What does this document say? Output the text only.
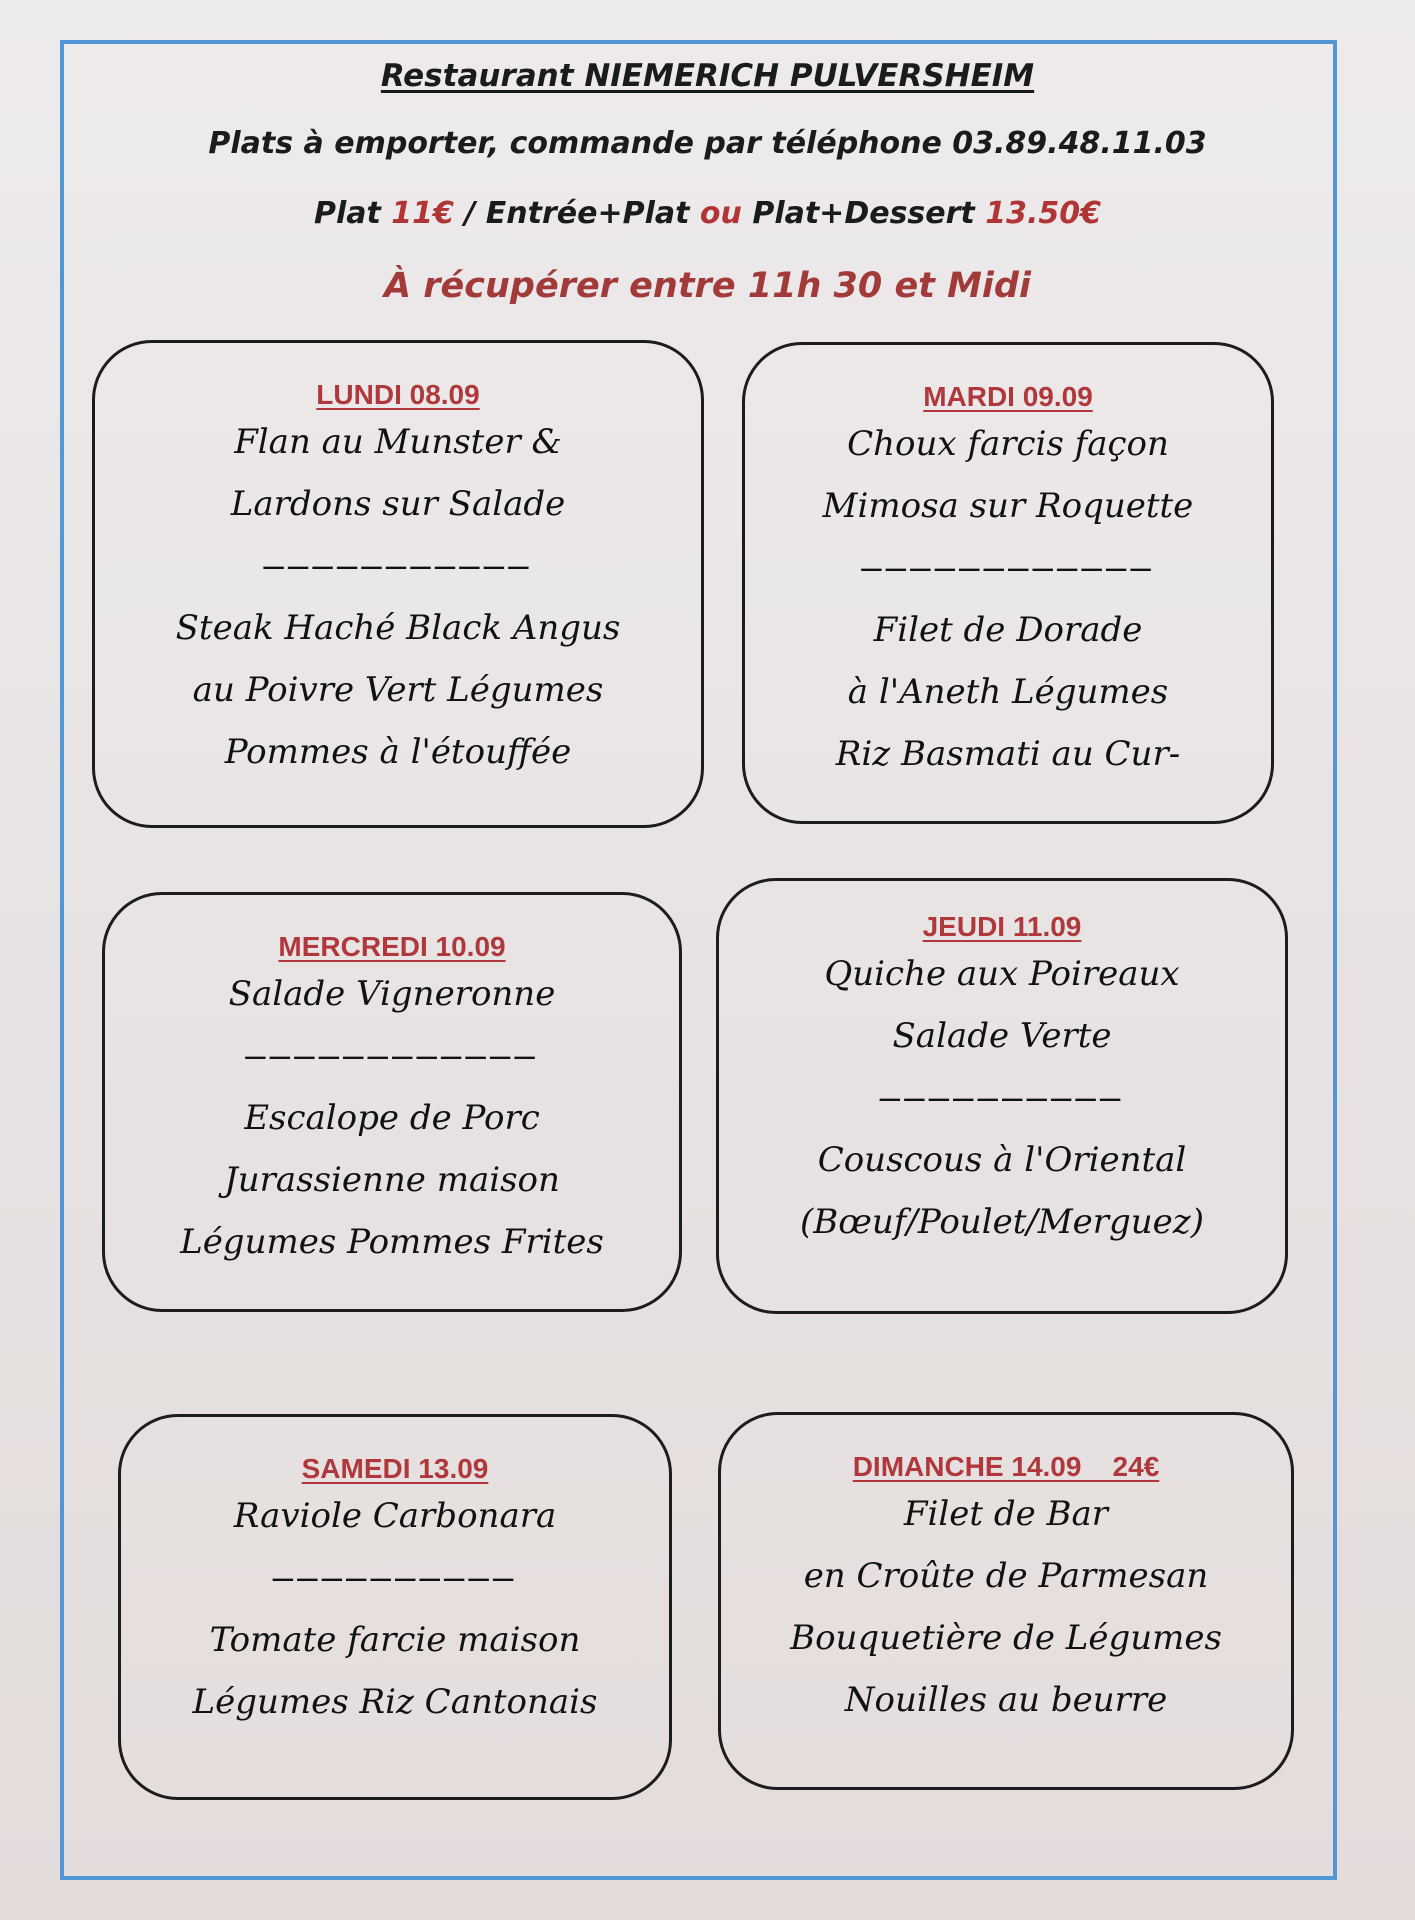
Restaurant NIEMERICH PULVERSHEIM
Plats à emporter, commande par téléphone 03.89.48.11.03
Plat 11€ / Entrée+Plat ou Plat+Dessert 13.50€
À récupérer entre 11h 30 et Midi
LUNDI 08.09
Flan au Munster &
Lardons sur Salade
———————————
Steak Haché Black Angus
au Poivre Vert Légumes
Pommes à l'étouffée
MARDI 09.09
Choux farcis façon
Mimosa sur Roquette
————————————
Filet de Dorade
à l'Aneth Légumes
Riz Basmati au Cur-
MERCREDI 10.09
Salade Vigneronne
————————————
Escalope de Porc
Jurassienne maison
Légumes Pommes Frites
JEUDI 11.09
Quiche aux Poireaux
Salade Verte
——————————
Couscous à l'Oriental
(Bœuf/Poulet/Merguez)
SAMEDI 13.09
Raviole Carbonara
——————————
Tomate farcie maison
Légumes Riz Cantonais
DIMANCHE 14.09    24€
Filet de Bar
en Croûte de Parmesan
Bouquetière de Légumes
Nouilles au beurre
